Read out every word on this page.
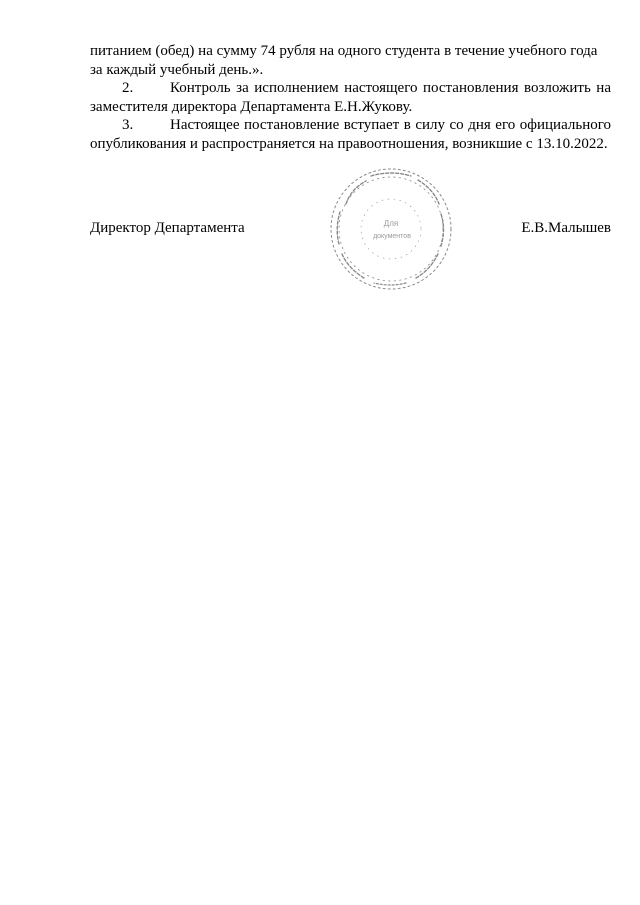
питанием (обед) на сумму 74 рубля на одного студента в течение учебного года за каждый учебный день.».

2. Контроль за исполнением настоящего постановления возложить на заместителя директора Департамента Е.Н.Жукову.

3. Настоящее постановление вступает в силу со дня его официального опубликования и распространяется на правоотношения, возникшие с 13.10.2022.

Для
документов
Директор Департамента	Е.В.Малышев
